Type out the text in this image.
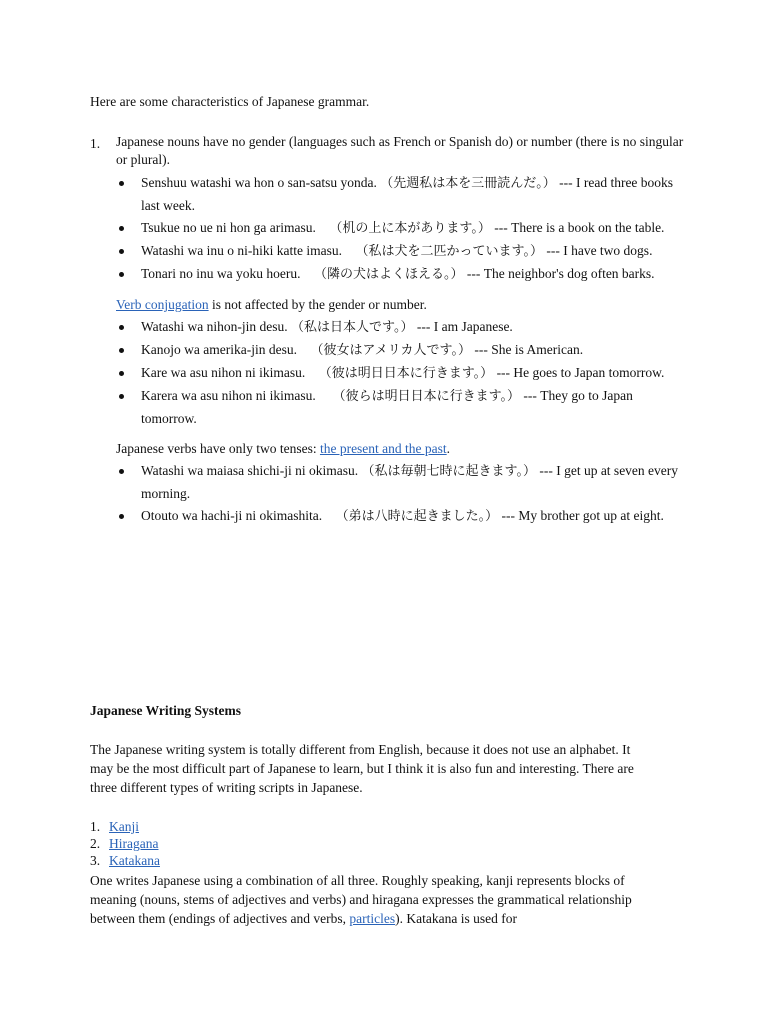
Here are some characteristics of Japanese grammar.

1.	Japanese nouns have no gender (languages such as French or Spanish do) or number (there is no singular or plural).
Senshuu watashi wa hon o san-satsu yonda. （先週私は本を三冊読んだ。） --- I read three books last week.
Tsukue no ue ni hon ga arimasu. （机の上に本があります。） --- There is a book on the table.
Watashi wa inu o ni-hiki katte imasu. （私は犬を二匹かっています。） --- I have two dogs.
Tonari no inu wa yoku hoeru. （隣の犬はよくほえる。） --- The neighbor's dog often barks.
Verb conjugation is not affected by the gender or number.
Watashi wa nihon-jin desu. （私は日本人です。） --- I am Japanese.
Kanojo wa amerika-jin desu. （彼女はアメリカ人です。） --- She is American.
Kare wa asu nihon ni ikimasu. （彼は明日日本に行きます。） --- He goes to Japan tomorrow.
Karera wa asu nihon ni ikimasu. （彼らは明日日本に行きます。） --- They go to Japan tomorrow.
Japanese verbs have only two tenses: the present and the past.
Watashi wa maiasa shichi-ji ni okimasu. （私は毎朝七時に起きます。） --- I get up at seven every morning.
Otouto wa hachi-ji ni okimashita. （弟は八時に起きました。） --- My brother got up at eight.

Japanese Writing Systems

The Japanese writing system is totally different from English, because it does not use an alphabet. It may be the most difficult part of Japanese to learn, but I think it is also fun and interesting. There are three different types of writing scripts in Japanese.

1. Kanji
2. Hiragana
3. Katakana

One writes Japanese using a combination of all three. Roughly speaking, kanji represents blocks of meaning (nouns, stems of adjectives and verbs) and hiragana expresses the grammatical relationship between them (endings of adjectives and verbs, particles). Katakana is used for
